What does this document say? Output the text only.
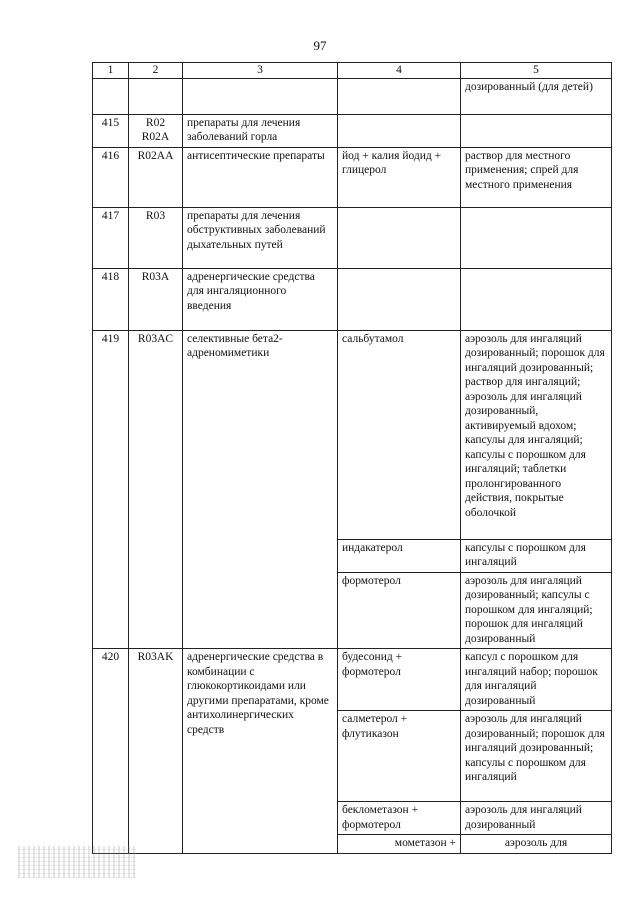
97
1	2	3	4	5
				дозированный (для детей)
415	R02 R02A	препараты для лечения заболеваний горла		
416	R02AA	антисептические препараты	йод + калия йодид + глицерол	раствор для местного применения; спрей для местного применения
417	R03	препараты для лечения обструктивных заболеваний дыхательных путей		
418	R03A	адренергические средства для ингаляционного введения		
419	R03AC	селективные бета2-адреномиметики	сальбутамол	аэрозоль для ингаляций дозированный; порошок для ингаляций дозированный; раствор для ингаляций; аэрозоль для ингаляций дозированный, активируемый вдохом; капсулы для ингаляций; капсулы с порошком для ингаляций; таблетки пролонгированного действия, покрытые оболочкой
			индакатерол	капсулы с порошком для ингаляций
			формотерол	аэрозоль для ингаляций дозированный; капсулы с порошком для ингаляций; порошок для ингаляций дозированный
420	R03AK	адренергические средства в комбинации с глюкокортикоидами или другими препаратами, кроме антихолинергических средств	будесонид + формотерол	капсул с порошком для ингаляций набор; порошок для ингаляций дозированный
			салметерол + флутиказон	аэрозоль для ингаляций дозированный; порошок для ингаляций дозированный; капсулы с порошком для ингаляций
			беклометазон + формотерол	аэрозоль для ингаляций дозированный
			мометазон +	аэрозоль для
